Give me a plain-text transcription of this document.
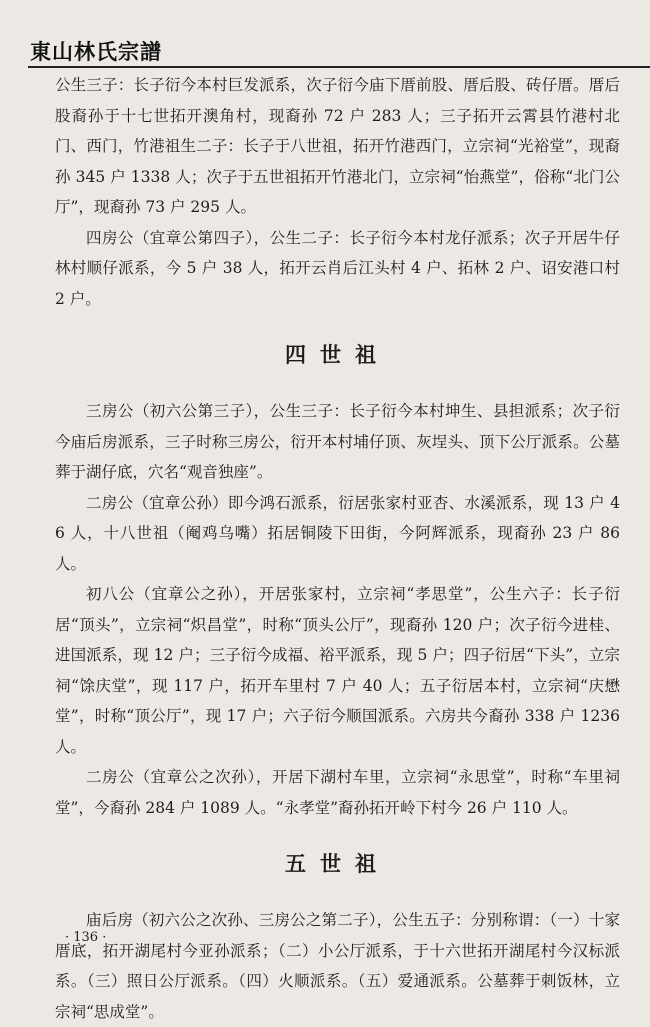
東山林氏宗譜

公生三子：长子衍今本村巨发派系，次子衍今庙下厝前股、厝后股、砖仔厝。厝后股裔孙于十七世拓开澳角村，现裔孙 72 户 283 人；三子拓开云霄县竹港村北门、西门，竹港祖生二子：长子于八世祖，拓开竹港西门，立宗祠“光裕堂”，现裔孙 345 户 1338 人；次子于五世祖拓开竹港北门，立宗祠“怡燕堂”，俗称“北门公厅”，现裔孙 73 户 295 人。

四房公（宜章公第四子），公生二子：长子衍今本村龙仔派系；次子开居牛仔林村顺仔派系，今 5 户 38 人，拓开云肖后江头村 4 户、拓林 2 户、诏安港口村 2 户。

四世祖

三房公（初六公第三子），公生三子：长子衍今本村坤生、县担派系；次子衍今庙后房派系，三子时称三房公，衍开本村埔仔顶、灰埕头、顶下公厅派系。公墓葬于湖仔底，穴名“观音独座”。

二房公（宜章公孙）即今鸿石派系，衍居张家村亚杏、水溪派系，现 13 户 46 人，十八世祖（阉鸡乌嘴）拓居铜陵下田街，今阿辉派系，现裔孙 23 户 86 人。

初八公（宜章公之孙），开居张家村，立宗祠“孝思堂”，公生六子：长子衍居“顶头”，立宗祠“炽昌堂”，时称“顶头公厅”，现裔孙 120 户；次子衍今进桂、进国派系，现 12 户；三子衍今成福、裕平派系，现 5 户；四子衍居“下头”，立宗祠“馀庆堂”，现 117 户，拓开车里村 7 户 40 人；五子衍居本村，立宗祠“庆懋堂”，时称“顶公厅”，现 17 户；六子衍今顺国派系。六房共今裔孙 338 户 1236 人。

二房公（宜章公之次孙），开居下湖村车里，立宗祠“永思堂”，时称“车里祠堂”，今裔孙 284 户 1089 人。“永孝堂”裔孙拓开岭下村今 26 户 110 人。

五世祖

庙后房（初六公之次孙、三房公之第二子），公生五子：分别称谓：（一）十家厝底，拓开湖尾村今亚孙派系；（二）小公厅派系，于十六世拓开湖尾村今汉标派系。（三）照日公厅派系。（四）火顺派系。（五）爱通派系。公墓葬于刺饭林，立宗祠“思成堂”。

· 136 ·
